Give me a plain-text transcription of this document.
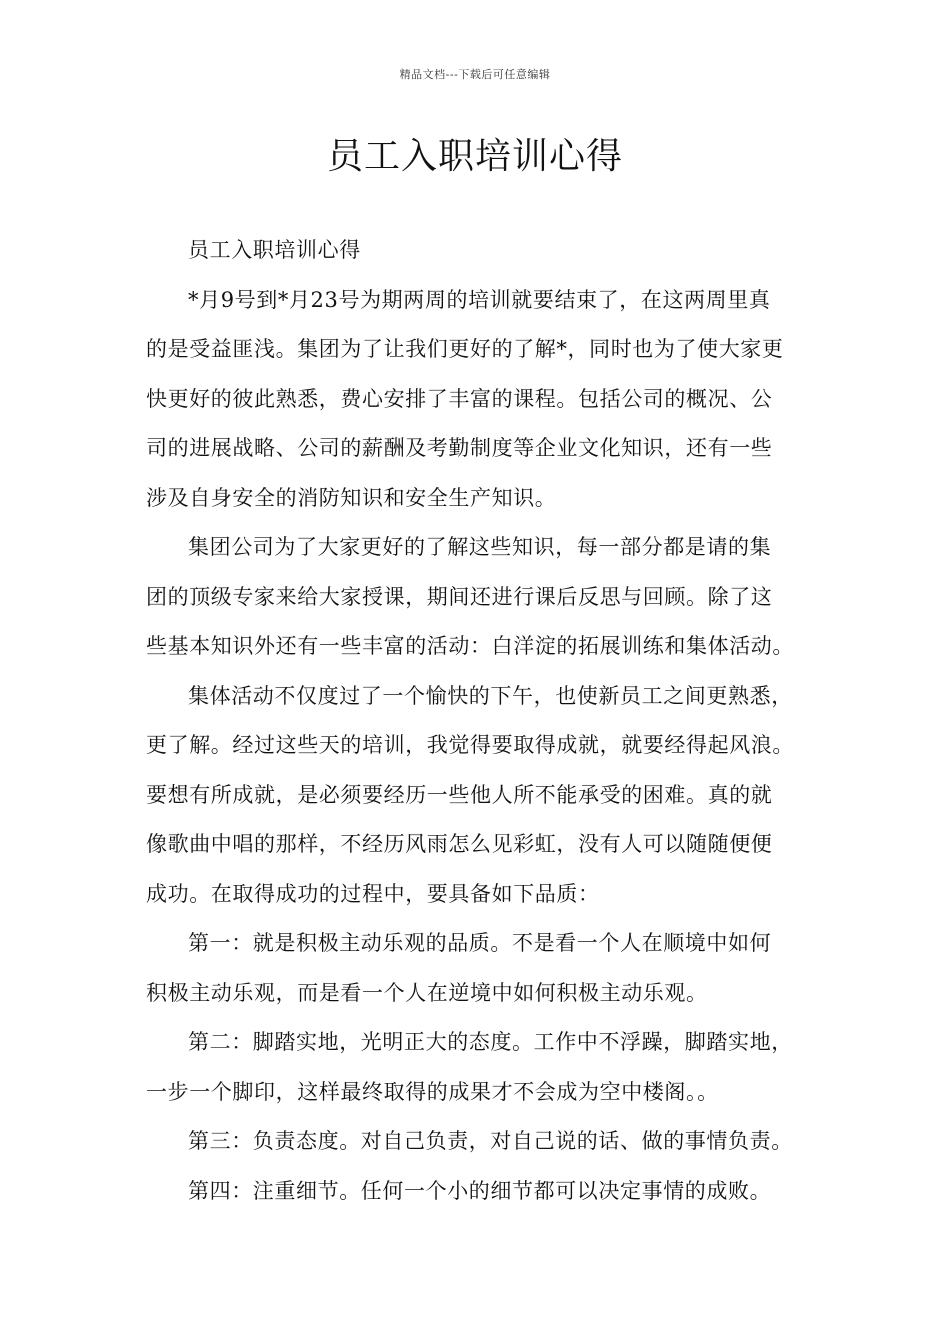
精品文档---下载后可任意编辑
员工入职培训心得

员工入职培训心得

*月9号到*月23号为期两周的培训就要结束了，在这两周里真

的是受益匪浅。集团为了让我们更好的了解*，同时也为了使大家更

快更好的彼此熟悉，费心安排了丰富的课程。包括公司的概况、公

司的进展战略、公司的薪酬及考勤制度等企业文化知识，还有一些

涉及自身安全的消防知识和安全生产知识。

集团公司为了大家更好的了解这些知识，每一部分都是请的集

团的顶级专家来给大家授课，期间还进行课后反思与回顾。除了这

些基本知识外还有一些丰富的活动：白洋淀的拓展训练和集体活动。

集体活动不仅度过了一个愉快的下午，也使新员工之间更熟悉，

更了解。经过这些天的培训，我觉得要取得成就，就要经得起风浪。

要想有所成就，是必须要经历一些他人所不能承受的困难。真的就

像歌曲中唱的那样，不经历风雨怎么见彩虹，没有人可以随随便便

成功。在取得成功的过程中，要具备如下品质：

第一：就是积极主动乐观的品质。不是看一个人在顺境中如何

积极主动乐观，而是看一个人在逆境中如何积极主动乐观。

第二：脚踏实地，光明正大的态度。工作中不浮躁，脚踏实地，

一步一个脚印，这样最终取得的成果才不会成为空中楼阁。。

第三：负责态度。对自己负责，对自己说的话、做的事情负责。

第四：注重细节。任何一个小的细节都可以决定事情的成败。
